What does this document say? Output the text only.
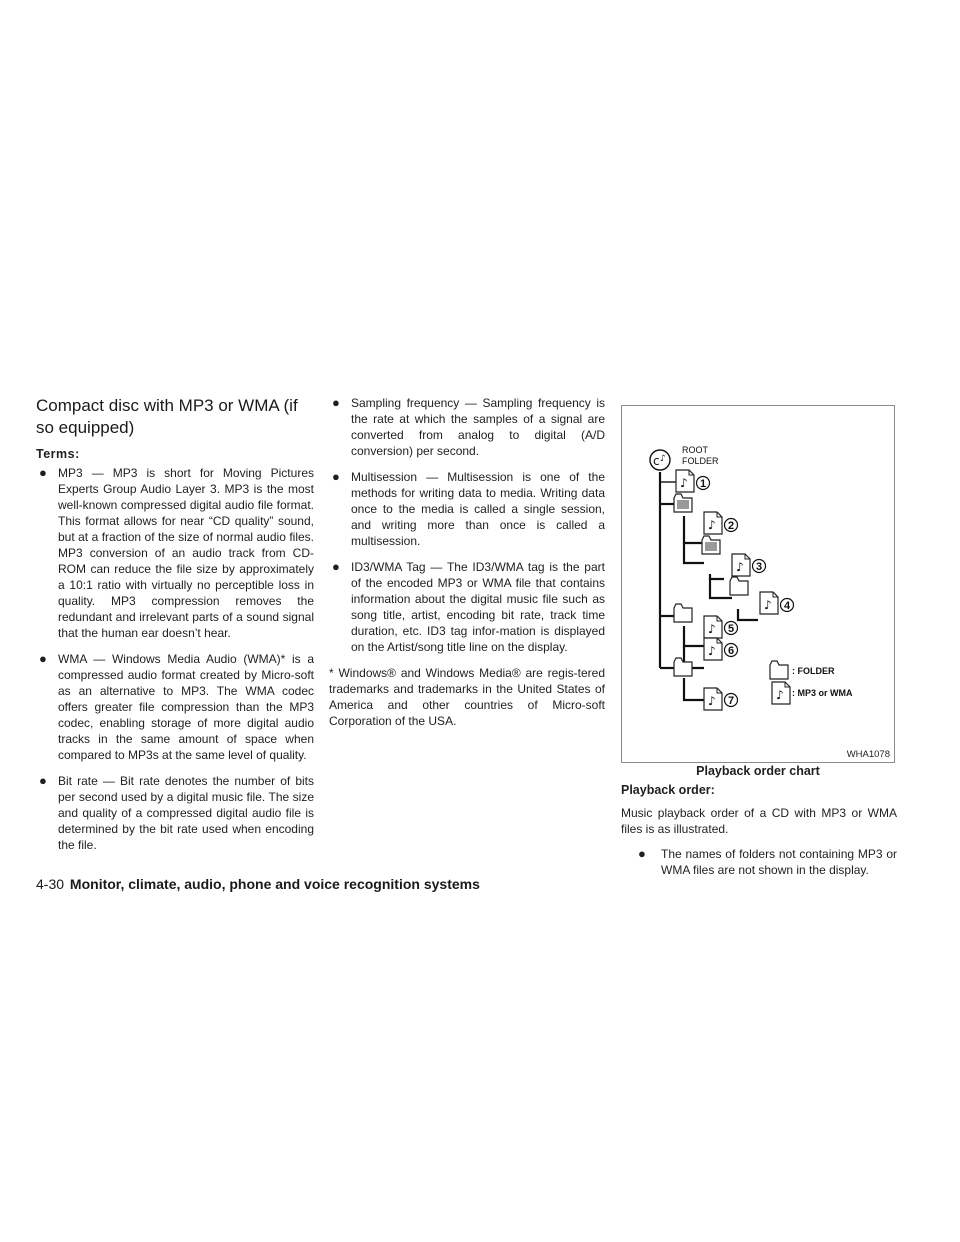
Compact disc with MP3 or WMA (if
so equipped)
Terms:
● MP3 — MP3 is short for Moving Pictures Experts Group Audio Layer 3. MP3 is the most well-known compressed digital audio file format. This format allows for near “CD quality” sound, but at a fraction of the size of normal audio files. MP3 conversion of an audio track from CD-ROM can reduce the file size by approximately a 10:1 ratio with virtually no perceptible loss in quality. MP3 compression removes the redundant and irrelevant parts of a sound signal that the human ear doesn’t hear.
● WMA — Windows Media Audio (WMA)* is a compressed audio format created by Micro-soft as an alternative to MP3. The WMA codec offers greater file compression than the MP3 codec, enabling storage of more digital audio tracks in the same amount of space when compared to MP3s at the same level of quality.
● Bit rate — Bit rate denotes the number of bits per second used by a digital music file. The size and quality of a compressed digital audio file is determined by the bit rate used when encoding the file.
● Sampling frequency — Sampling frequency is the rate at which the samples of a signal are converted from analog to digital (A/D conversion) per second.
● Multisession — Multisession is one of the methods for writing data to media. Writing data once to the media is called a single session, and writing more than once is called a multisession.
● ID3/WMA Tag — The ID3/WMA tag is the part of the encoded MP3 or WMA file that contains information about the digital music file such as song title, artist, encoding bit rate, track time duration, etc. ID3 tag infor-mation is displayed on the Artist/song title line on the display.

* Windows® and Windows Media® are regis-tered trademarks and trademarks in the United States of America and other countries of Micro-soft Corporation of the USA.

♪
c ♪
1
2
3
4
5
6
7
ROOT
FOLDER
: FOLDER
: MP3 or WMA
WHA1078
Playback order chart
Playback order:

Music playback order of a CD with MP3 or WMA files is as illustrated.

● The names of folders not containing MP3 or WMA files are not shown in the display.
4-30 Monitor, climate, audio, phone and voice recognition systems
